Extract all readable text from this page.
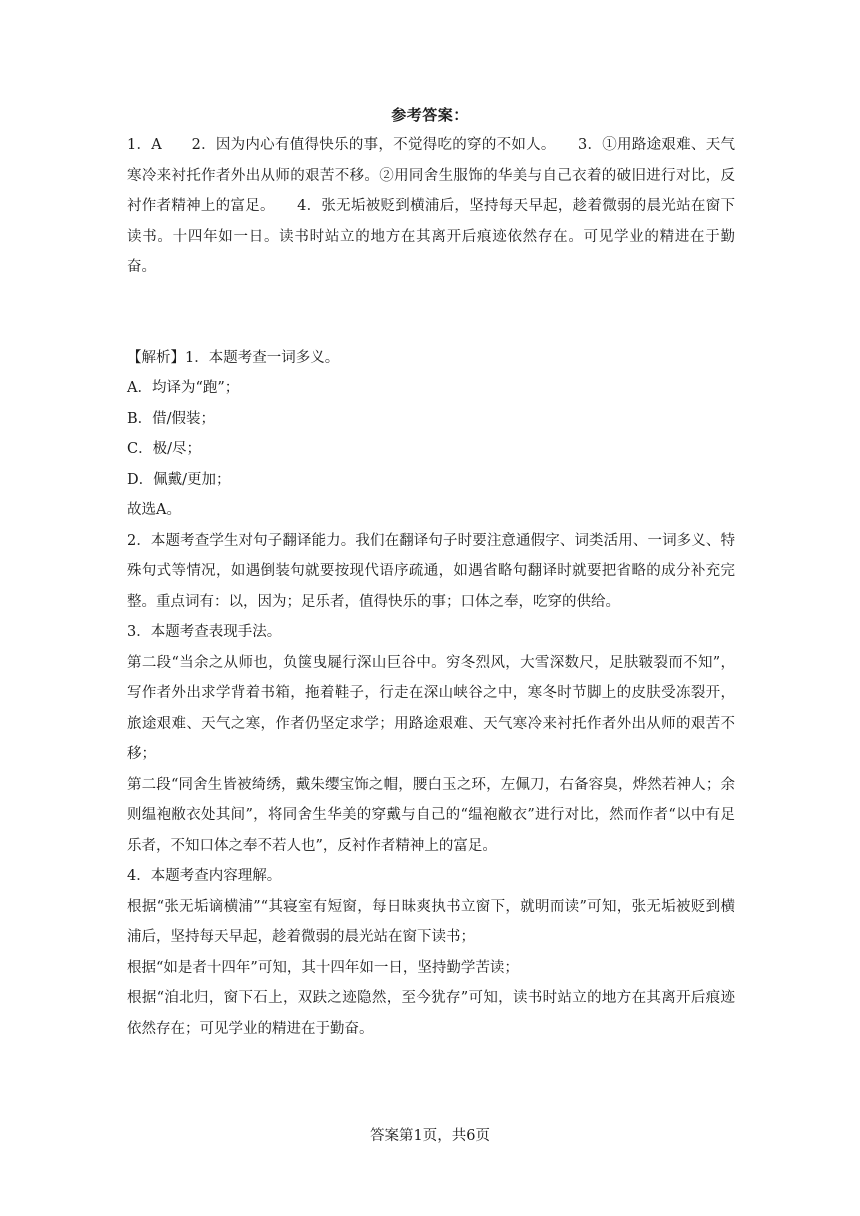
参考答案：

1．A　　2．因为内心有值得快乐的事，不觉得吃的穿的不如人。　　3．①用路途艰难、天气寒冷来衬托作者外出从师的艰苦不移。②用同舍生服饰的华美与自己衣着的破旧进行对比，反衬作者精神上的富足。　　4．张无垢被贬到横浦后，坚持每天早起，趁着微弱的晨光站在窗下读书。十四年如一日。读书时站立的地方在其离开后痕迹依然存在。可见学业的精进在于勤奋。

【解析】1．本题考查一词多义。

A．均译为“跑”；

B．借/假装；

C．极/尽；

D．佩戴/更加；

故选A。

2．本题考查学生对句子翻译能力。我们在翻译句子时要注意通假字、词类活用、一词多义、特殊句式等情况，如遇倒装句就要按现代语序疏通，如遇省略句翻译时就要把省略的成分补充完整。重点词有：以，因为；足乐者，值得快乐的事；口体之奉，吃穿的供给。

3．本题考查表现手法。

第二段“当余之从师也，负箧曳屣行深山巨谷中。穷冬烈风，大雪深数尺，足肤皲裂而不知”，写作者外出求学背着书箱，拖着鞋子，行走在深山峡谷之中，寒冬时节脚上的皮肤受冻裂开，旅途艰难、天气之寒，作者仍坚定求学；用路途艰难、天气寒冷来衬托作者外出从师的艰苦不移；

第二段“同舍生皆被绮绣，戴朱缨宝饰之帽，腰白玉之环，左佩刀，右备容臭，烨然若神人；余则缊袍敝衣处其间”，将同舍生华美的穿戴与自己的“缊袍敝衣”进行对比，然而作者“以中有足乐者，不知口体之奉不若人也”，反衬作者精神上的富足。

4．本题考查内容理解。

根据“张无垢谪横浦”“其寝室有短窗，每日昧爽执书立窗下，就明而读”可知，张无垢被贬到横浦后，坚持每天早起，趁着微弱的晨光站在窗下读书；

根据“如是者十四年”可知，其十四年如一日，坚持勤学苦读；

根据“洎北归，窗下石上，双趺之迹隐然，至今犹存”可知，读书时站立的地方在其离开后痕迹依然存在；可见学业的精进在于勤奋。

答案第1页，共6页
